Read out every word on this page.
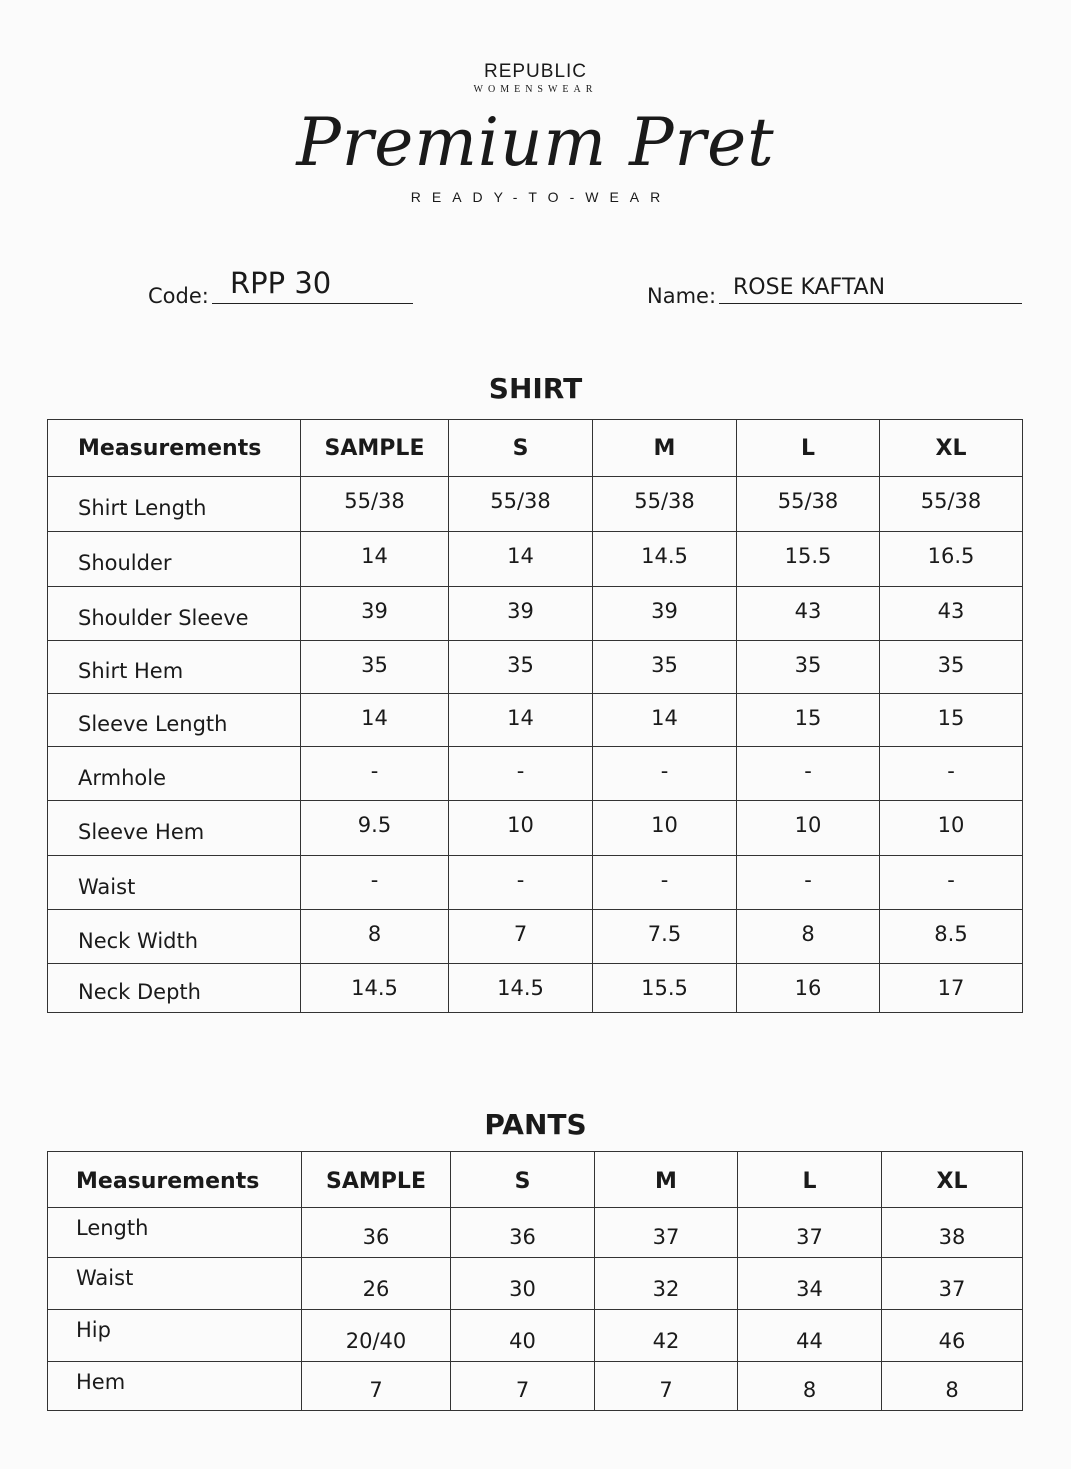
REPUBLIC
WOMENSWEAR
Premium Pret
READY-TO-WEAR
Code: RPP 30	Name: ROSE KAFTAN
SHIRT
Measurements	SAMPLE	S	M	L	XL
Shirt Length	55/38	55/38	55/38	55/38	55/38
Shoulder	14	14	14.5	15.5	16.5
Shoulder Sleeve	39	39	39	43	43
Shirt Hem	35	35	35	35	35
Sleeve Length	14	14	14	15	15
Armhole	-	-	-	-	-
Sleeve Hem	9.5	10	10	10	10
Waist	-	-	-	-	-
Neck Width	8	7	7.5	8	8.5
Neck Depth	14.5	14.5	15.5	16	17
PANTS
Measurements	SAMPLE	S	M	L	XL
Length	36	36	37	37	38
Waist	26	30	32	34	37
Hip	20/40	40	42	44	46
Hem	7	7	7	8	8
